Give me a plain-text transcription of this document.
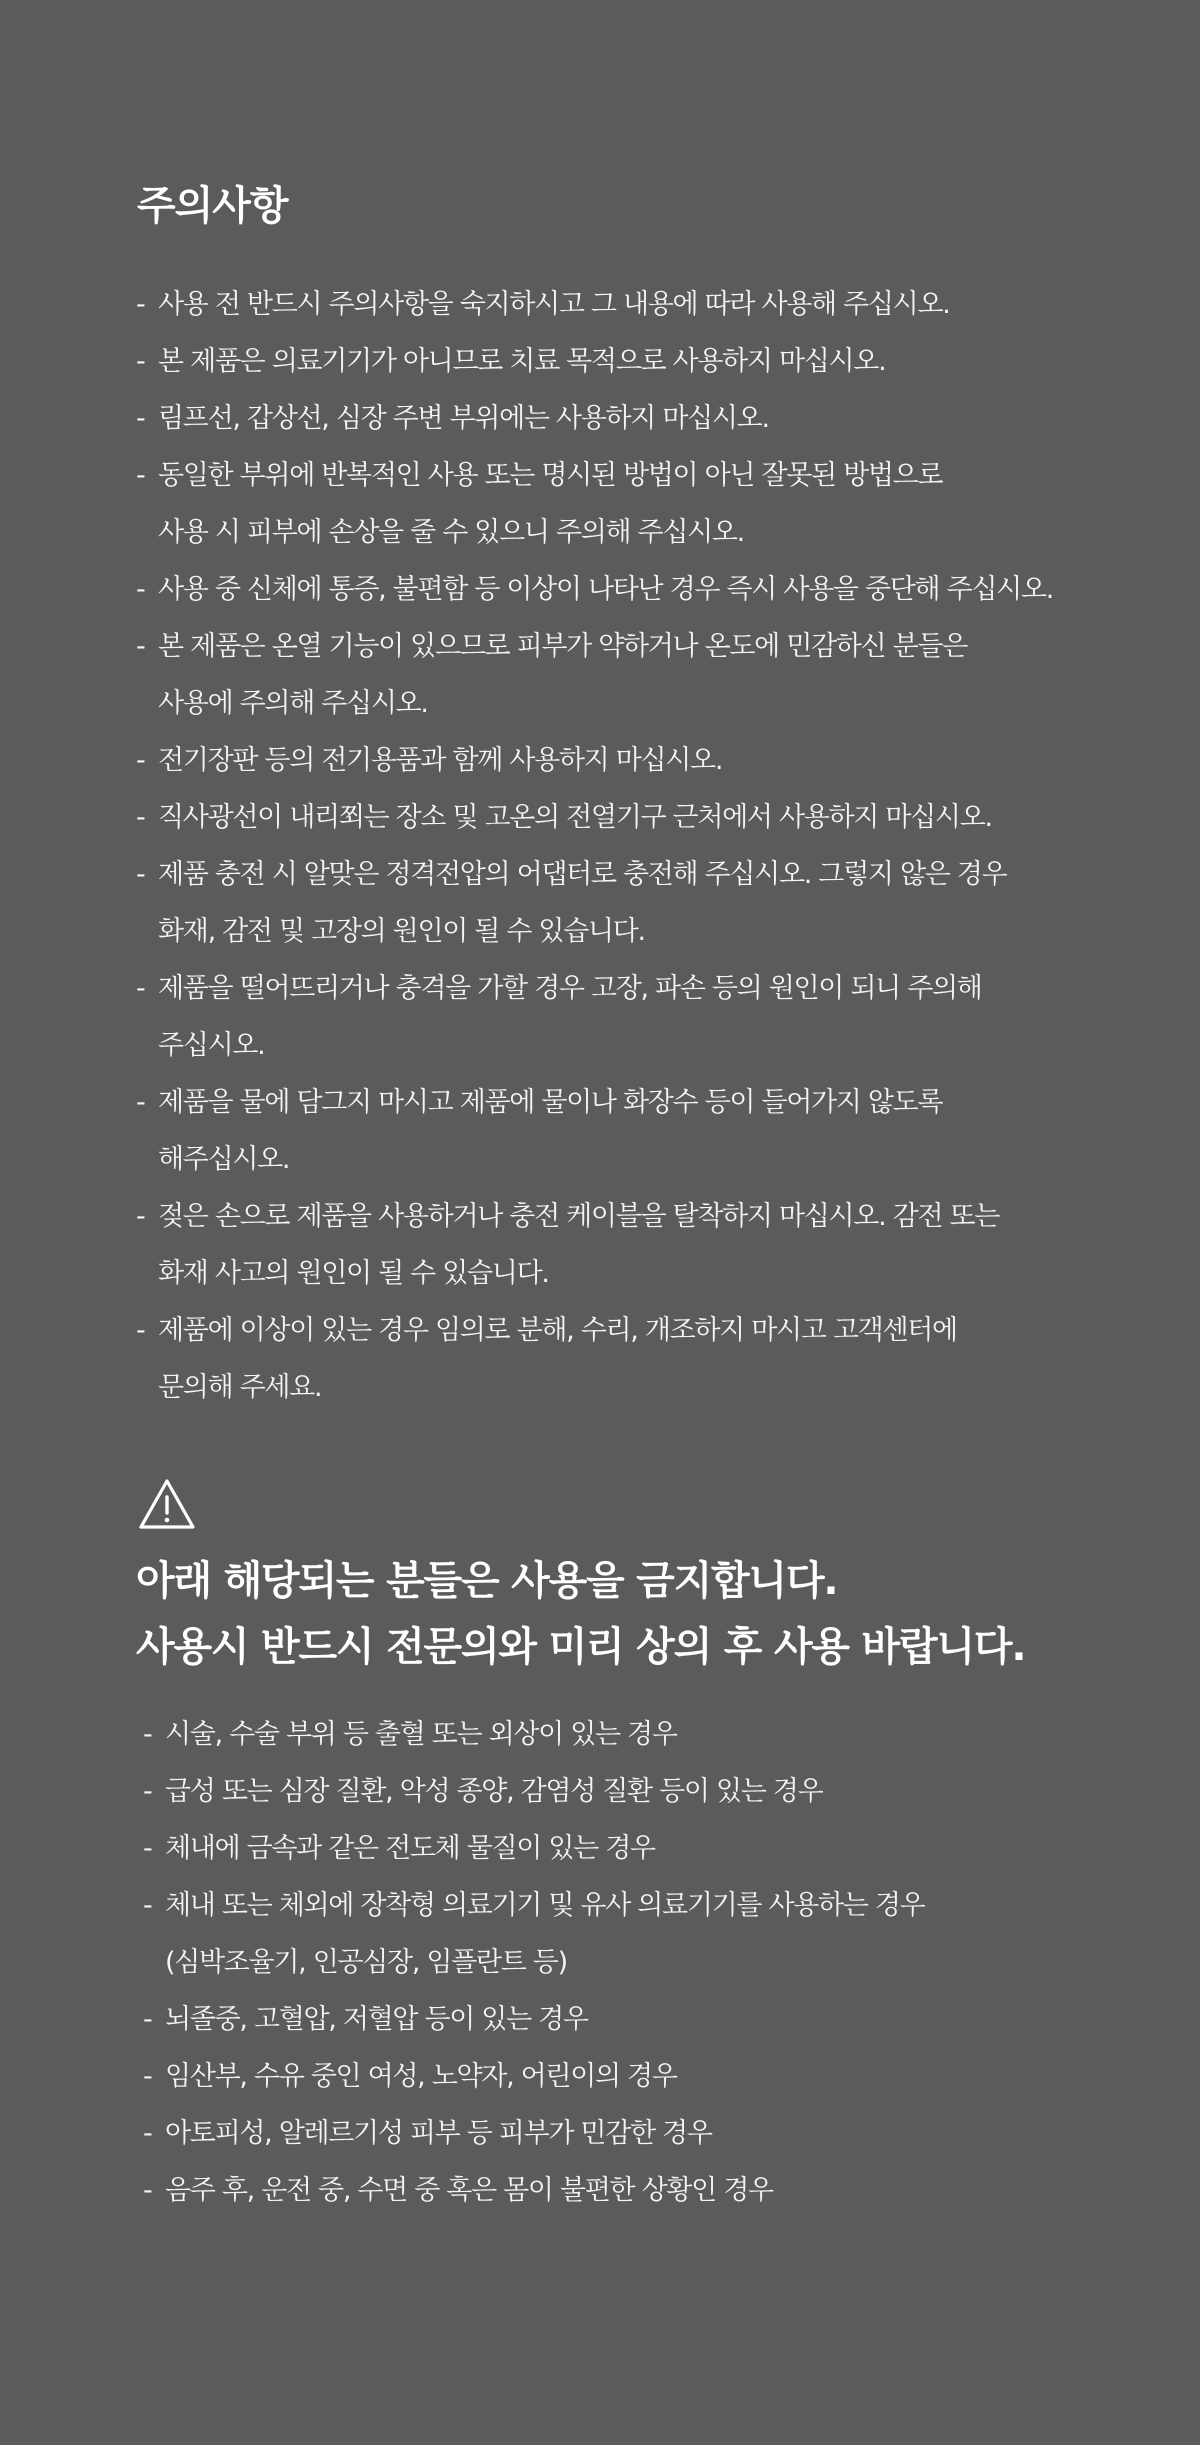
주의사항
- 사용 전 반드시 주의사항을 숙지하시고 그 내용에 따라 사용해 주십시오.
- 본 제품은 의료기기가 아니므로 치료 목적으로 사용하지 마십시오.
- 림프선, 갑상선, 심장 주변 부위에는 사용하지 마십시오.
- 동일한 부위에 반복적인 사용 또는 명시된 방법이 아닌 잘못된 방법으로
사용 시 피부에 손상을 줄 수 있으니 주의해 주십시오.
- 사용 중 신체에 통증, 불편함 등 이상이 나타난 경우 즉시 사용을 중단해 주십시오.
- 본 제품은 온열 기능이 있으므로 피부가 약하거나 온도에 민감하신 분들은
사용에 주의해 주십시오.
- 전기장판 등의 전기용품과 함께 사용하지 마십시오.
- 직사광선이 내리쬐는 장소 및 고온의 전열기구 근처에서 사용하지 마십시오.
- 제품 충전 시 알맞은 정격전압의 어댑터로 충전해 주십시오. 그렇지 않은 경우
화재, 감전 및 고장의 원인이 될 수 있습니다.
- 제품을 떨어뜨리거나 충격을 가할 경우 고장, 파손 등의 원인이 되니 주의해
주십시오.
- 제품을 물에 담그지 마시고 제품에 물이나 화장수 등이 들어가지 않도록
해주십시오.
- 젖은 손으로 제품을 사용하거나 충전 케이블을 탈착하지 마십시오. 감전 또는
화재 사고의 원인이 될 수 있습니다.
- 제품에 이상이 있는 경우 임의로 분해, 수리, 개조하지 마시고 고객센터에
문의해 주세요.
아래 해당되는 분들은 사용을 금지합니다.
사용시 반드시 전문의와 미리 상의 후 사용 바랍니다.
- 시술, 수술 부위 등 출혈 또는 외상이 있는 경우
- 급성 또는 심장 질환, 악성 종양, 감염성 질환 등이 있는 경우
- 체내에 금속과 같은 전도체 물질이 있는 경우
- 체내 또는 체외에 장착형 의료기기 및 유사 의료기기를 사용하는 경우
(심박조율기, 인공심장, 임플란트 등)
- 뇌졸중, 고혈압, 저혈압 등이 있는 경우
- 임산부, 수유 중인 여성, 노약자, 어린이의 경우
- 아토피성, 알레르기성 피부 등 피부가 민감한 경우
- 음주 후, 운전 중, 수면 중 혹은 몸이 불편한 상황인 경우
